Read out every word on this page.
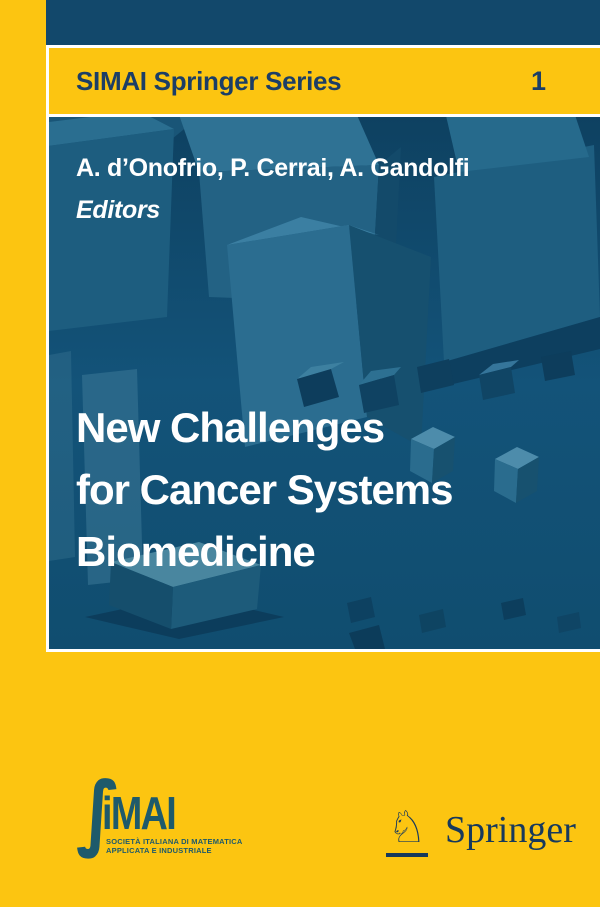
SIMAI Springer Series	1
A. d’Onofrio, P. Cerrai, A. Gandolfi
Editors
New Challenges
for Cancer Systems
Biomedicine
∫
iMAI
SOCIETÀ ITALIANA DI MATEMATICA
APPLICATA E INDUSTRIALE	♘ Springer
